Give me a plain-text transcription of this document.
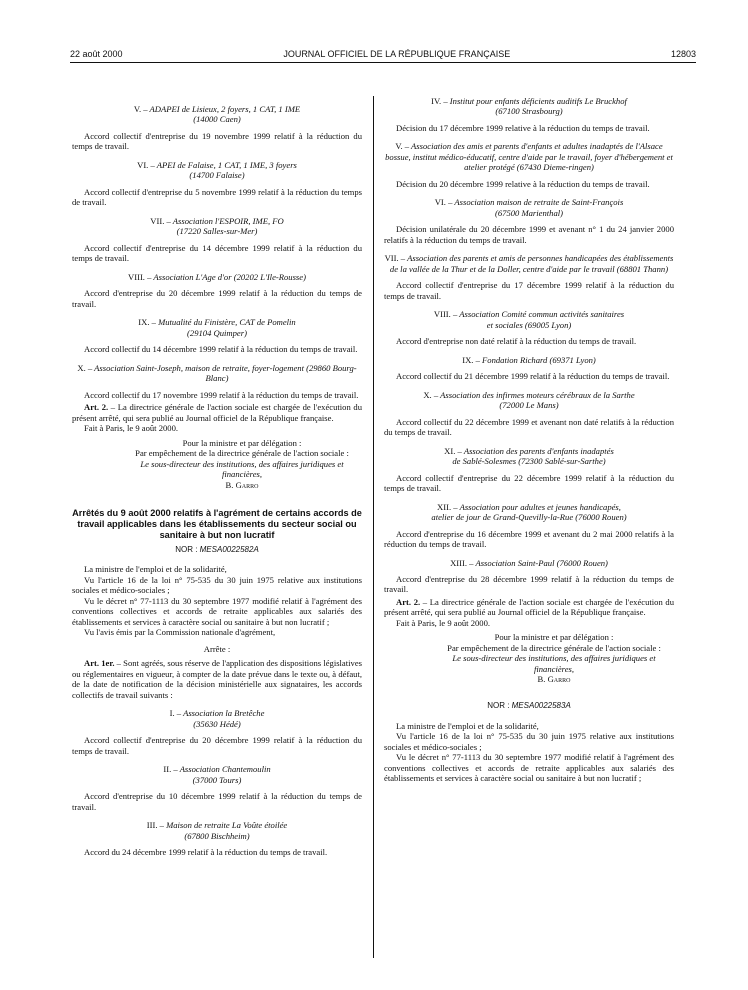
22 août 2000	JOURNAL OFFICIEL DE LA RÉPUBLIQUE FRANÇAISE	12803
V. – ADAPEI de Lisieux, 2 foyers, 1 CAT, 1 IME
(14000 Caen)

Accord collectif d'entreprise du 19 novembre 1999 relatif à la réduction du temps de travail.

VI. – APEI de Falaise, 1 CAT, 1 IME, 3 foyers
(14700 Falaise)

Accord collectif d'entreprise du 5 novembre 1999 relatif à la réduction du temps de travail.

VII. – Association l'ESPOIR, IME, FO
(17220 Salles-sur-Mer)

Accord collectif d'entreprise du 14 décembre 1999 relatif à la réduction du temps de travail.

VIII. – Association L'Age d'or (20202 L'Ile-Rousse)

Accord d'entreprise du 20 décembre 1999 relatif à la réduction du temps de travail.

IX. – Mutualité du Finistère, CAT de Pomelin
(29104 Quimper)

Accord collectif du 14 décembre 1999 relatif à la réduction du temps de travail.

X. – Association Saint-Joseph, maison de retraite, foyer-logement (29860 Bourg-Blanc)

Accord collectif du 17 novembre 1999 relatif à la réduction du temps de travail.

Art. 2. – La directrice générale de l'action sociale est chargée de l'exécution du présent arrêté, qui sera publié au Journal officiel de la République française.

Fait à Paris, le 9 août 2000.

Pour la ministre et par délégation :
Par empêchement de la directrice générale de l'action sociale :
Le sous-directeur des institutions, des affaires juridiques et financières,
B. Garro
Arrêtés du 9 août 2000 relatifs à l'agrément de certains accords de travail applicables dans les établissements du secteur social ou sanitaire à but non lucratif
NOR : MESA0022582A

La ministre de l'emploi et de la solidarité,

Vu l'article 16 de la loi n° 75-535 du 30 juin 1975 relative aux institutions sociales et médico-sociales ;

Vu le décret n° 77-1113 du 30 septembre 1977 modifié relatif à l'agrément des conventions collectives et accords de retraite applicables aux salariés des établissements et services à caractère social ou sanitaire à but non lucratif ;

Vu l'avis émis par la Commission nationale d'agrément,

Arrête :

Art. 1er. – Sont agréés, sous réserve de l'application des dispositions législatives ou réglementaires en vigueur, à compter de la date prévue dans le texte ou, à défaut, de la date de notification de la décision ministérielle aux signataires, les accords collectifs de travail suivants :

I. – Association la Bretêche
(35630 Hédé)

Accord collectif d'entreprise du 20 décembre 1999 relatif à la réduction du temps de travail.

II. – Association Chantemoulin
(37000 Tours)

Accord d'entreprise du 10 décembre 1999 relatif à la réduction du temps de travail.

III. – Maison de retraite La Voûte étoilée
(67800 Bischheim)

Accord du 24 décembre 1999 relatif à la réduction du temps de travail.

IV. – Institut pour enfants déficients auditifs Le Bruckhof
(67100 Strasbourg)

Décision du 17 décembre 1999 relative à la réduction du temps de travail.

V. – Association des amis et parents d'enfants et adultes inadaptés de l'Alsace bossue, institut médico-éducatif, centre d'aide par le travail, foyer d'hébergement et atelier protégé (67430 Dieme-ringen)

Décision du 20 décembre 1999 relative à la réduction du temps de travail.

VI. – Association maison de retraite de Saint-François
(67500 Marienthal)

Décision unilatérale du 20 décembre 1999 et avenant n° 1 du 24 janvier 2000 relatifs à la réduction du temps de travail.

VII. – Association des parents et amis de personnes handicapées des établissements de la vallée de la Thur et de la Doller, centre d'aide par le travail (68801 Thann)

Accord collectif d'entreprise du 17 décembre 1999 relatif à la réduction du temps de travail.

VIII. – Association Comité commun activités sanitaires
et sociales (69005 Lyon)

Accord d'entreprise non daté relatif à la réduction du temps de travail.

IX. – Fondation Richard (69371 Lyon)

Accord collectif du 21 décembre 1999 relatif à la réduction du temps de travail.

X. – Association des infirmes moteurs cérébraux de la Sarthe
(72000 Le Mans)

Accord collectif du 22 décembre 1999 et avenant non daté relatifs à la réduction du temps de travail.

XI. – Association des parents d'enfants inadaptés
de Sablé-Solesmes (72300 Sablé-sur-Sarthe)

Accord collectif d'entreprise du 22 décembre 1999 relatif à la réduction du temps de travail.

XII. – Association pour adultes et jeunes handicapés,
atelier de jour de Grand-Quevilly-la-Rue (76000 Rouen)

Accord d'entreprise du 16 décembre 1999 et avenant du 2 mai 2000 relatifs à la réduction du temps de travail.

XIII. – Association Saint-Paul (76000 Rouen)

Accord d'entreprise du 28 décembre 1999 relatif à la réduction du temps de travail.

Art. 2. – La directrice générale de l'action sociale est chargée de l'exécution du présent arrêté, qui sera publié au Journal officiel de la République française.

Fait à Paris, le 9 août 2000.

Pour la ministre et par délégation :
Par empêchement de la directrice générale de l'action sociale :
Le sous-directeur des institutions, des affaires juridiques et financières,
B. Garro
NOR : MESA0022583A

La ministre de l'emploi et de la solidarité,

Vu l'article 16 de la loi n° 75-535 du 30 juin 1975 relative aux institutions sociales et médico-sociales ;

Vu le décret n° 77-1113 du 30 septembre 1977 modifié relatif à l'agrément des conventions collectives et accords de retraite applicables aux salariés des établissements et services à caractère social ou sanitaire à but non lucratif ;
